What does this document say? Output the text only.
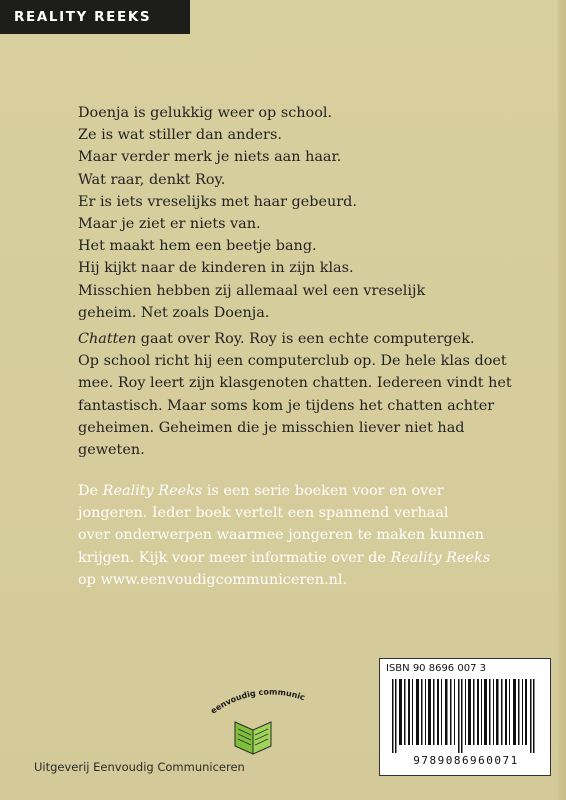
REALITY REEKS
Doenja is gelukkig weer op school.
Ze is wat stiller dan anders.
Maar verder merk je niets aan haar.
Wat raar, denkt Roy.
Er is iets vreselijks met haar gebeurd.
Maar je ziet er niets van.
Het maakt hem een beetje bang.
Hij kijkt naar de kinderen in zijn klas.
Misschien hebben zij allemaal wel een vreselijk
geheim. Net zoals Doenja.
Chatten gaat over Roy. Roy is een echte computergek.
Op school richt hij een computerclub op. De hele klas doet
mee. Roy leert zijn klasgenoten chatten. Iedereen vindt het
fantastisch. Maar soms kom je tijdens het chatten achter
geheimen. Geheimen die je misschien liever niet had
geweten.
De Reality Reeks is een serie boeken voor en over
jongeren. Ieder boek vertelt een spannend verhaal
over onderwerpen waarmee jongeren te maken kunnen
krijgen. Kijk voor meer informatie over de Reality Reeks
op www.eenvoudigcommuniceren.nl.
eenvoudig communic
Uitgeverij Eenvoudig Communiceren
ISBN 90 8696 007 3
9789086960071
